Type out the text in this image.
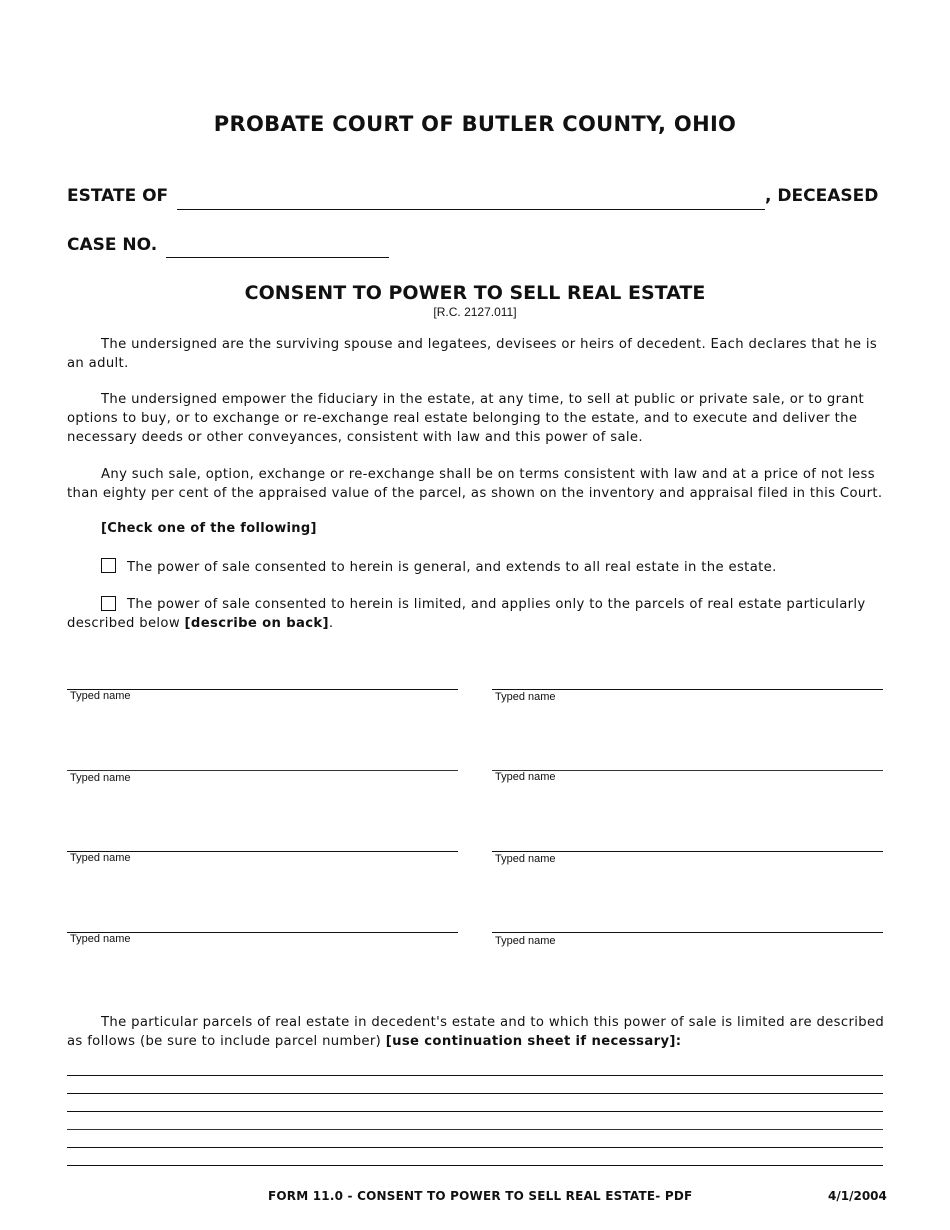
PROBATE COURT OF BUTLER COUNTY, OHIO
ESTATE OF	, DECEASED
CASE NO.
CONSENT TO POWER TO SELL REAL ESTATE
[R.C. 2127.011]

The undersigned are the surviving spouse and legatees, devisees or heirs of decedent. Each declares that he is an adult.

The undersigned empower the fiduciary in the estate, at any time, to sell at public or private sale, or to grant options to buy, or to exchange or re-exchange real estate belonging to the estate, and to execute and deliver the necessary deeds or other conveyances, consistent with law and this power of sale.

Any such sale, option, exchange or re-exchange shall be on terms consistent with law and at a price of not less than eighty per cent of the appraised value of the parcel, as shown on the inventory and appraisal filed in this Court.

[Check one of the following]
The power of sale consented to herein is general, and extends to all real estate in the estate.

The power of sale consented to herein is limited, and applies only to the parcels of real estate particularly described below [describe on back].

Typed name	Typed name
Typed name	Typed name
Typed name	Typed name
Typed name	Typed name

The particular parcels of real estate in decedent's estate and to which this power of sale is limited are described as follows (be sure to include parcel number) [use continuation sheet if necessary]:

FORM 11.0 - CONSENT TO POWER TO SELL REAL ESTATE- PDF	4/1/2004
